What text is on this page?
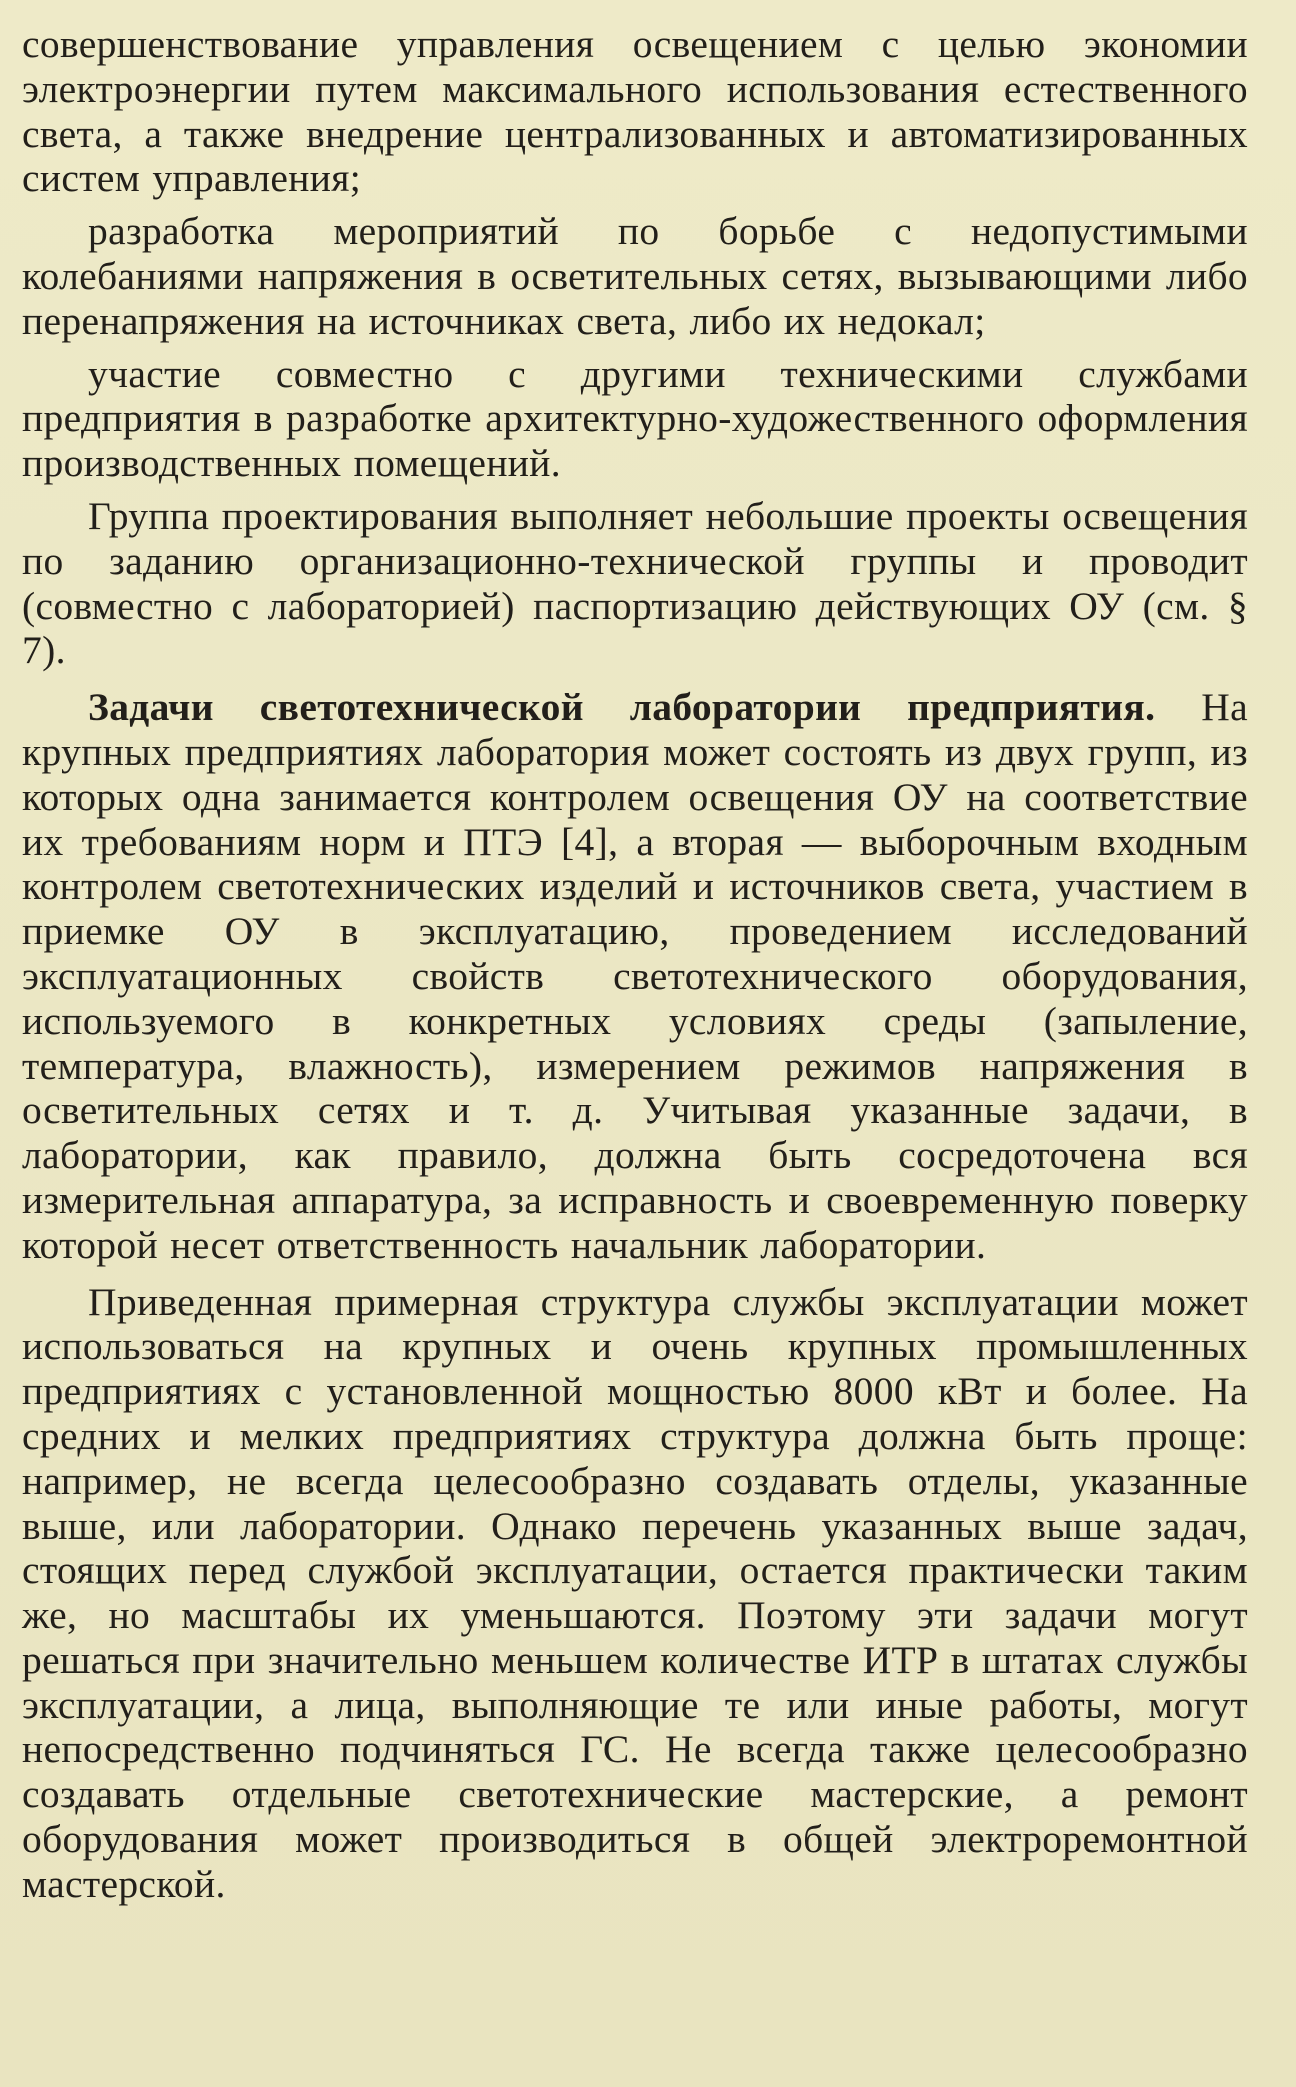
совершенствование управления освещением с целью экономии электроэнергии путем максимального использования естественного света, а также внедрение централизованных и автоматизированных систем управления;

разработка мероприятий по борьбе с недопустимыми колебаниями напряжения в осветительных сетях, вызывающими либо перенапряжения на источниках света, либо их недокал;

участие совместно с другими техническими службами предприятия в разработке архитектурно-художественного оформления производственных помещений.

Группа проектирования выполняет небольшие проекты освещения по заданию организационно-технической группы и проводит (совместно с лабораторией) паспортизацию действующих ОУ (см. § 7).

Задачи светотехнической лаборатории предприятия. На крупных предприятиях лаборатория может состоять из двух групп, из которых одна занимается контролем освещения ОУ на соответствие их требованиям норм и ПТЭ [4], а вторая — выборочным входным контролем светотехнических изделий и источников света, участием в приемке ОУ в эксплуатацию, проведением исследований эксплуатационных свойств светотехнического оборудования, используемого в конкретных условиях среды (запыление, температура, влажность), измерением режимов напряжения в осветительных сетях и т. д. Учитывая указанные задачи, в лаборатории, как правило, должна быть сосредоточена вся измерительная аппаратура, за исправность и своевременную поверку которой несет ответственность начальник лаборатории.

Приведенная примерная структура службы эксплуатации может использоваться на крупных и очень крупных промышленных предприятиях с установленной мощностью 8000 кВт и более. На средних и мелких предприятиях структура должна быть проще: например, не всегда целесообразно создавать отделы, указанные выше, или лаборатории. Однако перечень указанных выше задач, стоящих перед службой эксплуатации, остается практически таким же, но масштабы их уменьшаются. Поэтому эти задачи могут решаться при значительно меньшем количестве ИТР в штатах службы эксплуатации, а лица, выполняющие те или иные работы, могут непосредственно подчиняться ГС. Не всегда также целесообразно создавать отдельные светотехнические мастерские, а ремонт оборудования может производиться в общей электроремонтной мастерской.
